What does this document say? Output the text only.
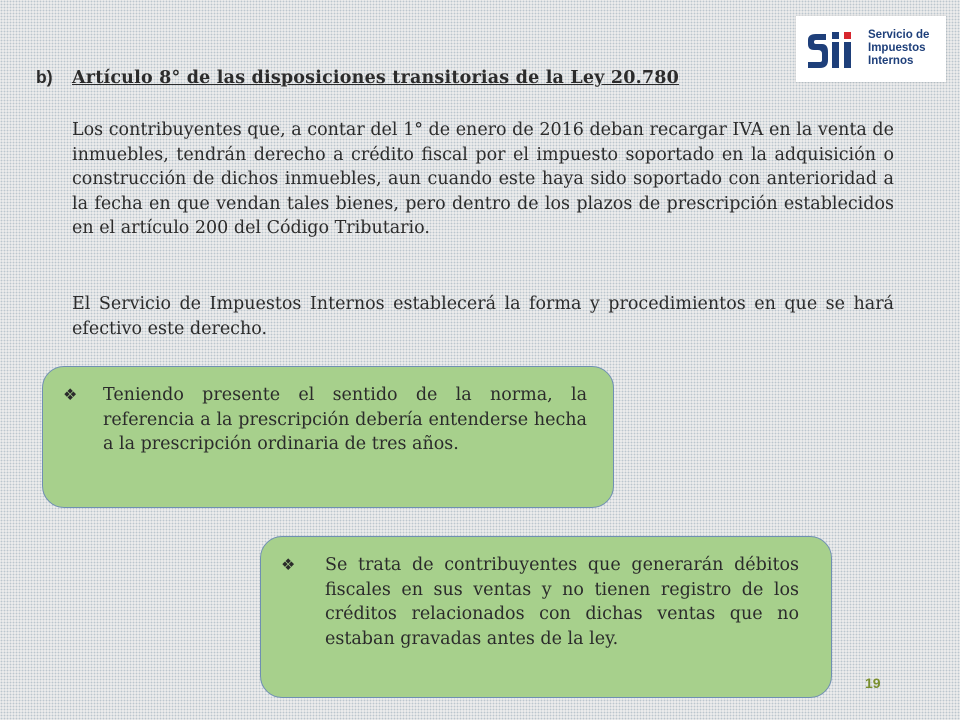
Servicio de
Impuestos
Internos
b) Artículo 8° de las disposiciones transitorias de la Ley 20.780
Los contribuyentes que, a contar del 1° de enero de 2016 deban recargar IVA en la venta de inmuebles, tendrán derecho a crédito fiscal por el impuesto soportado en la adquisición o construcción de dichos inmuebles, aun cuando este haya sido soportado con anterioridad a la fecha en que vendan tales bienes, pero dentro de los plazos de prescripción establecidos en el artículo 200 del Código Tributario.
El Servicio de Impuestos Internos establecerá la forma y procedimientos en que se hará efectivo este derecho.
❖ Teniendo presente el sentido de la norma, la referencia a la prescripción debería entenderse hecha a la prescripción ordinaria de tres años.
❖ Se trata de contribuyentes que generarán débitos fiscales en sus ventas y no tienen registro de los créditos relacionados con dichas ventas que no estaban gravadas antes de la ley.
19
